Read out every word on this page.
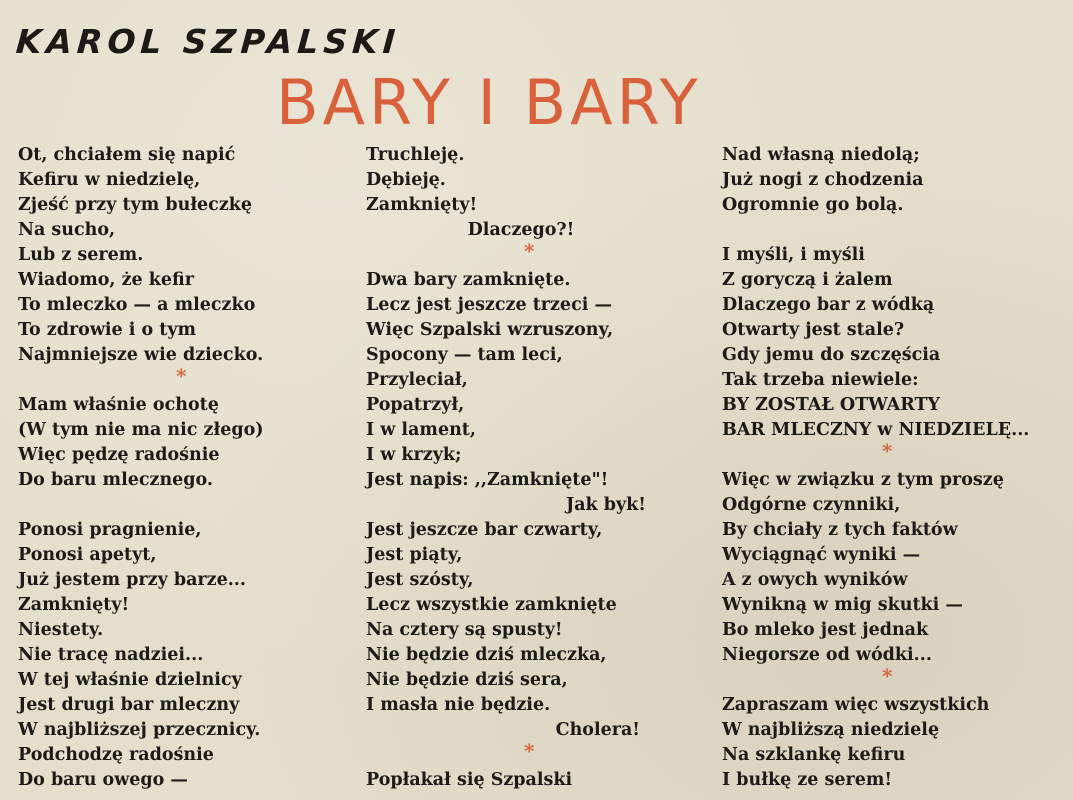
KAROL SZPALSKI
BARY I BARY
Ot, chciałem się napić
Kefiru w niedzielę,
Zjeść przy tym bułeczkę
Na sucho,
Lub z serem.
Wiadomo, że kefir
To mleczko — a mleczko
To zdrowie i o tym
Najmniejsze wie dziecko.
*
Mam właśnie ochotę
(W tym nie ma nic złego)
Więc pędzę radośnie
Do baru mlecznego.
Ponosi pragnienie,
Ponosi apetyt,
Już jestem przy barze...
Zamknięty!
Niestety.
Nie tracę nadziei...
W tej właśnie dzielnicy
Jest drugi bar mleczny
W najbliższej przecznicy.
Podchodzę radośnie
Do baru owego —
Truchleję.
Dębieję.
Zamknięty!
Dlaczego?!
*
Dwa bary zamknięte.
Lecz jest jeszcze trzeci —
Więc Szpalski wzruszony,
Spocony — tam leci,
Przyleciał,
Popatrzył,
I w lament,
I w krzyk;
Jest napis: ,,Zamknięte"!
Jak byk!
Jest jeszcze bar czwarty,
Jest piąty,
Jest szósty,
Lecz wszystkie zamknięte
Na cztery są spusty!
Nie będzie dziś mleczka,
Nie będzie dziś sera,
I masła nie będzie.
Cholera!
*
Popłakał się Szpalski
Nad własną niedolą;
Już nogi z chodzenia
Ogromnie go bolą.
I myśli, i myśli
Z goryczą i żalem
Dlaczego bar z wódką
Otwarty jest stale?
Gdy jemu do szczęścia
Tak trzeba niewiele:
BY ZOSTAŁ OTWARTY
BAR MLECZNY w NIEDZIELĘ...
*
Więc w związku z tym proszę
Odgórne czynniki,
By chciały z tych faktów
Wyciągnąć wyniki —
A z owych wyników
Wynikną w mig skutki —
Bo mleko jest jednak
Niegorsze od wódki...
*
Zapraszam więc wszystkich
W najbliższą niedzielę
Na szklankę kefiru
I bułkę ze serem!
